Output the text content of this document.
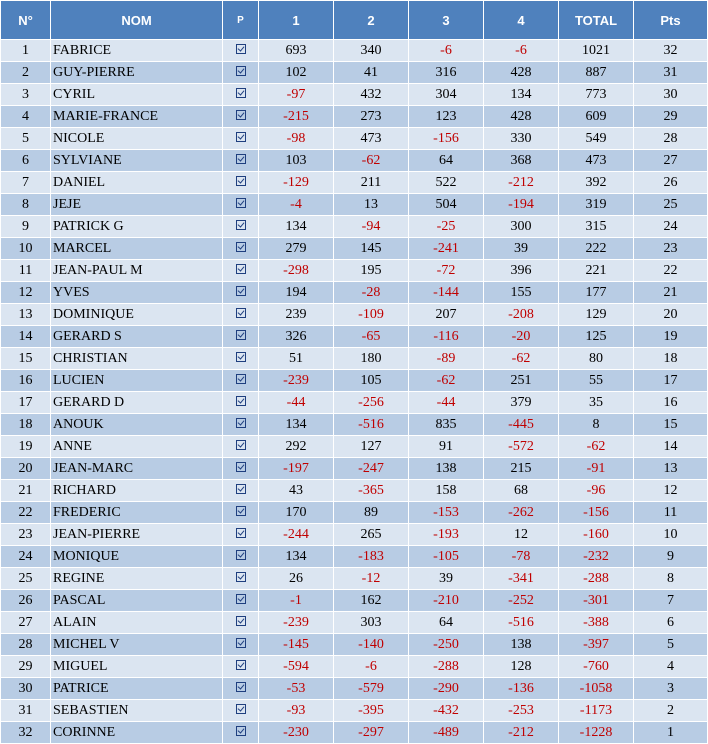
N°	NOM	P	1	2	3	4	TOTAL	Pts
1	FABRICE		693	340	-6	-6	1021	32
2	GUY-PIERRE		102	41	316	428	887	31
3	CYRIL		-97	432	304	134	773	30
4	MARIE-FRANCE		-215	273	123	428	609	29
5	NICOLE		-98	473	-156	330	549	28
6	SYLVIANE		103	-62	64	368	473	27
7	DANIEL		-129	211	522	-212	392	26
8	JEJE		-4	13	504	-194	319	25
9	PATRICK G		134	-94	-25	300	315	24
10	MARCEL		279	145	-241	39	222	23
11	JEAN-PAUL M		-298	195	-72	396	221	22
12	YVES		194	-28	-144	155	177	21
13	DOMINIQUE		239	-109	207	-208	129	20
14	GERARD S		326	-65	-116	-20	125	19
15	CHRISTIAN		51	180	-89	-62	80	18
16	LUCIEN		-239	105	-62	251	55	17
17	GERARD D		-44	-256	-44	379	35	16
18	ANOUK		134	-516	835	-445	8	15
19	ANNE		292	127	91	-572	-62	14
20	JEAN-MARC		-197	-247	138	215	-91	13
21	RICHARD		43	-365	158	68	-96	12
22	FREDERIC		170	89	-153	-262	-156	11
23	JEAN-PIERRE		-244	265	-193	12	-160	10
24	MONIQUE		134	-183	-105	-78	-232	9
25	REGINE		26	-12	39	-341	-288	8
26	PASCAL		-1	162	-210	-252	-301	7
27	ALAIN		-239	303	64	-516	-388	6
28	MICHEL V		-145	-140	-250	138	-397	5
29	MIGUEL		-594	-6	-288	128	-760	4
30	PATRICE		-53	-579	-290	-136	-1058	3
31	SEBASTIEN		-93	-395	-432	-253	-1173	2
32	CORINNE		-230	-297	-489	-212	-1228	1
